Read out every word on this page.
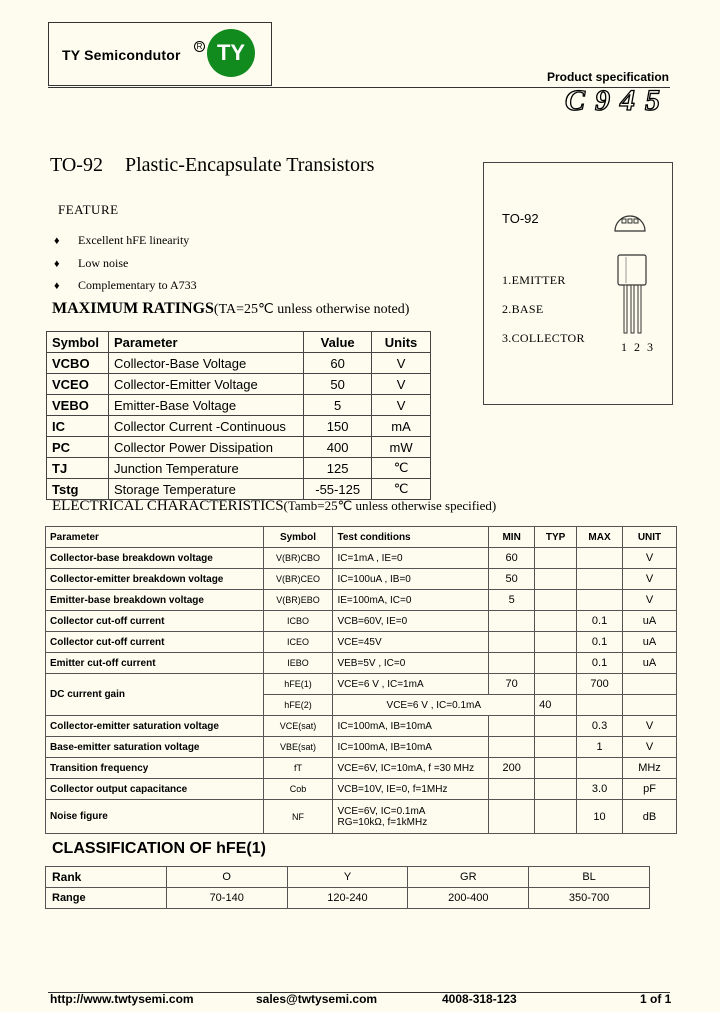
TY Semicondutor
R TY
Product specification
C945
TO-92 Plastic-Encapsulate Transistors
FEATURE
♦ Excellent hFE linearity
♦ Low noise
♦ Complementary to A733
MAXIMUM RATINGS(TA=25℃ unless otherwise noted)
Symbol	Parameter	Value	Units
VCBO	Collector-Base Voltage	60	V
VCEO	Collector-Emitter Voltage	50	V
VEBO	Emitter-Base Voltage	5	V
IC	Collector Current -Continuous	150	mA
PC	Collector Power Dissipation	400	mW
TJ	Junction Temperature	125	℃
Tstg	Storage Temperature	-55-125	℃
TO-92
1.EMITTER
2.BASE
3.COLLECTOR
1 2 3
ELECTRICAL CHARACTERISTICS(Tamb=25℃ unless otherwise specified)
Parameter	Symbol	Test conditions	MIN	TYP	MAX	UNIT
Collector-base breakdown voltage	V(BR)CBO	IC=1mA , IE=0	60			V
Collector-emitter breakdown voltage	V(BR)CEO	IC=100uA , IB=0	50			V
Emitter-base breakdown voltage	V(BR)EBO	IE=100mA, IC=0	5			V
Collector cut-off current	ICBO	VCB=60V, IE=0			0.1	uA
Collector cut-off current	ICEO	VCE=45V			0.1	uA
Emitter cut-off current	IEBO	VEB=5V , IC=0			0.1	uA
DC current gain	hFE(1)	VCE=6 V , IC=1mA	70		700	
	hFE(2)	VCE=6 V , IC=0.1mA		40		
Collector-emitter saturation voltage	VCE(sat)	IC=100mA, IB=10mA			0.3	V
Base-emitter saturation voltage	VBE(sat)	IC=100mA, IB=10mA			1	V
Transition frequency	fT	VCE=6V, IC=10mA, f =30 MHz	200			MHz
Collector output capacitance	Cob	VCB=10V, IE=0, f=1MHz			3.0	pF
Noise figure	NF	VCE=6V, IC=0.1mA
RG=10kΩ, f=1kMHz			10	dB
CLASSIFICATION OF hFE(1)
Rank	O	Y	GR	BL
Range	70-140	120-240	200-400	350-700
http://www.twtysemi.com	sales@twtysemi.com	4008-318-123	1 of 1
